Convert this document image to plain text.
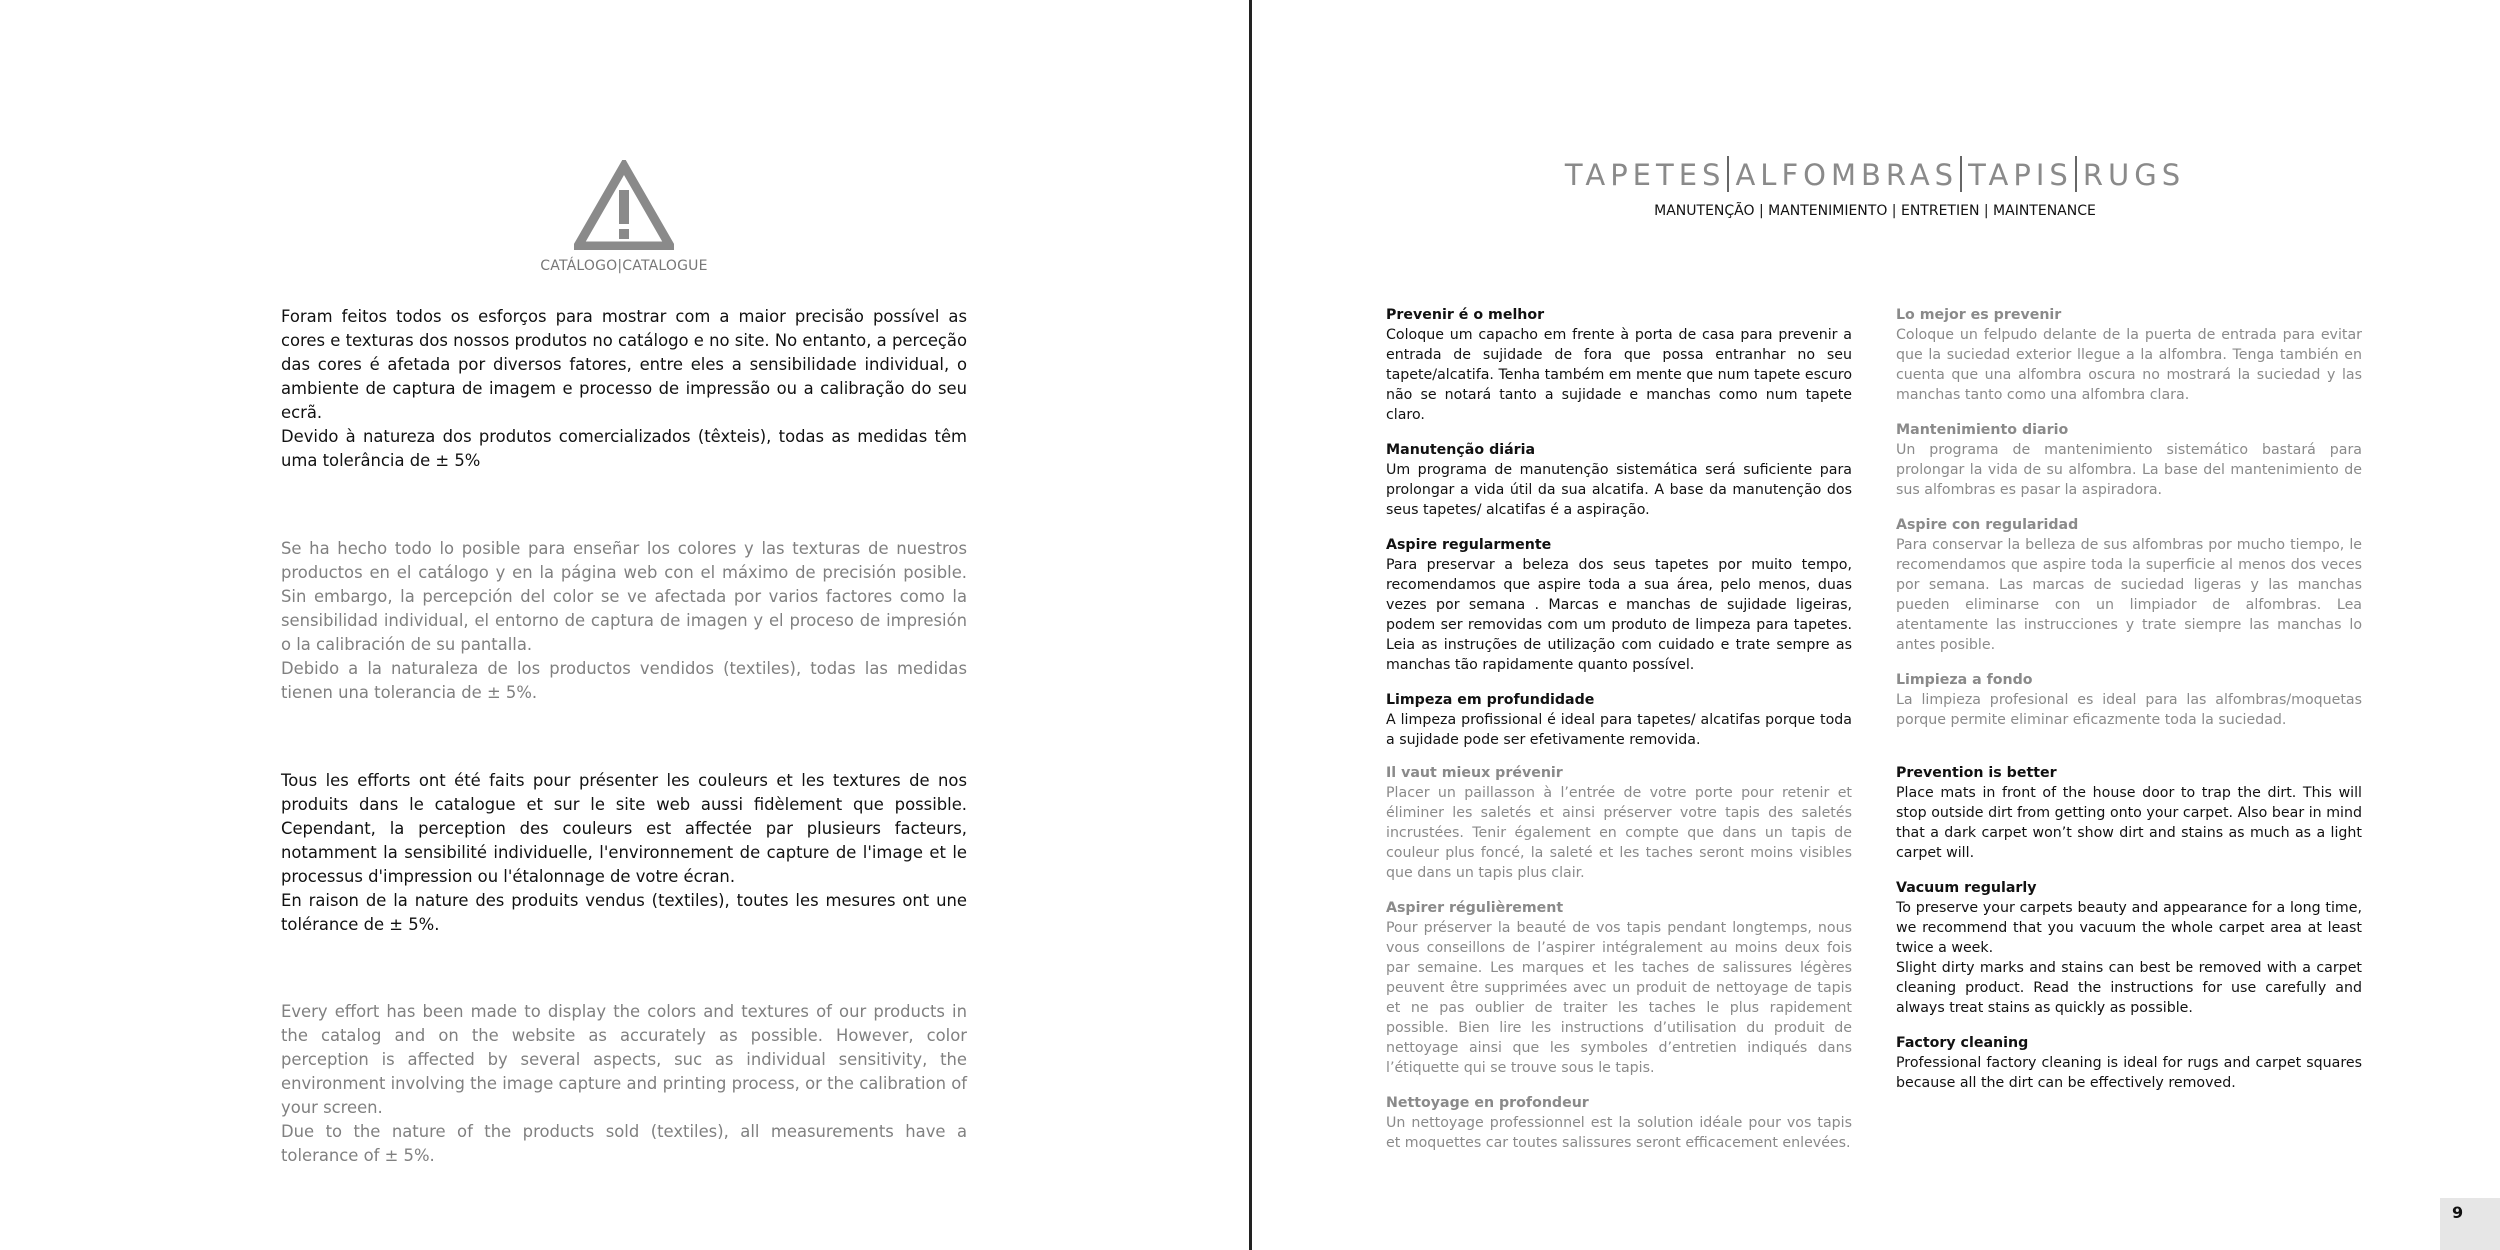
CATÁLOGO|CATALOGUE

Foram feitos todos os esforços para mostrar com a maior precisão possível as cores e texturas dos nossos produtos no catálogo e no site. No entanto, a perceção das cores é afetada por diversos fatores, entre eles a sensibilidade individual, o ambiente de captura de imagem e processo de impressão ou a calibração do seu ecrã.

Devido à natureza dos produtos comercializados (têxteis), todas as medidas têm uma tolerância de ± 5%

Se ha hecho todo lo posible para enseñar los colores y las texturas de nuestros productos en el catálogo y en la página web con el máximo de precisión posible. Sin embargo, la percepción del color se ve afectada por varios factores como la sensibilidad individual, el entorno de captura de imagen y el proceso de impresión o la calibración de su pantalla.

Debido a la naturaleza de los productos vendidos (textiles), todas las medidas tienen una tolerancia de ± 5%.

Tous les efforts ont été faits pour présenter les couleurs et les textures de nos produits dans le catalogue et sur le site web aussi fidèlement que possible. Cependant, la perception des couleurs est affectée par plusieurs facteurs, notamment la sensibilité individuelle, l'environnement de capture de l'image et le processus d'impression ou l'étalonnage de votre écran.

En raison de la nature des produits vendus (textiles), toutes les mesures ont une tolérance de ± 5%.

Every effort has been made to display the colors and textures of our products in the catalog and on the website as accurately as possible. However, color perception is affected by several aspects, suc as individual sensitivity, the environment involving the image capture and printing process, or the calibration of your screen.

Due to the nature of the products sold (textiles), all measurements have a tolerance of ± 5%.

TAPETES ALFOMBRAS TAPIS RUGS
MANUTENÇÃO | MANTENIMIENTO | ENTRETIEN | MAINTENANCE
Prevenir é o melhor

Coloque um capacho em frente à porta de casa para prevenir a entrada de sujidade de fora que possa entranhar no seu tapete/alcatifa. Tenha também em mente que num tapete escuro não se notará tanto a sujidade e manchas como num tapete claro.

Manutenção diária

Um programa de manutenção sistemática será suficiente para prolongar a vida útil da sua alcatifa. A base da manutenção dos seus tapetes/ alcatifas é a aspiração.

Aspire regularmente

Para preservar a beleza dos seus tapetes por muito tempo, recomendamos que aspire toda a sua área, pelo menos, duas vezes por semana . Marcas e manchas de sujidade ligeiras, podem ser removidas com um produto de limpeza para tapetes. Leia as instruções de utilização com cuidado e trate sempre as manchas tão rapidamente quanto possível.

Limpeza em profundidade

A limpeza profissional é ideal para tapetes/ alcatifas porque toda a sujidade pode ser efetivamente removida.

Lo mejor es prevenir

Coloque un felpudo delante de la puerta de entrada para evitar que la suciedad exterior llegue a la alfombra. Tenga también en cuenta que una alfombra oscura no mostrará la suciedad y las manchas tanto como una alfombra clara.

Mantenimiento diario

Un programa de mantenimiento sistemático bastará para prolongar la vida de su alfombra. La base del mantenimiento de sus alfombras es pasar la aspiradora.

Aspire con regularidad

Para conservar la belleza de sus alfombras por mucho tiempo, le recomendamos que aspire toda la superficie al menos dos veces por semana. Las marcas de suciedad ligeras y las manchas pueden eliminarse con un limpiador de alfombras. Lea atentamente las instrucciones y trate siempre las manchas lo antes posible.

Limpieza a fondo

La limpieza profesional es ideal para las alfombras/moquetas porque permite eliminar eficazmente toda la suciedad.

Il vaut mieux prévenir

Placer un paillasson à l’entrée de votre porte pour retenir et éliminer les saletés et ainsi préserver votre tapis des saletés incrustées. Tenir également en compte que dans un tapis de couleur plus foncé, la saleté et les taches seront moins visibles que dans un tapis plus clair.

Aspirer régulièrement

Pour préserver la beauté de vos tapis pendant longtemps, nous vous conseillons de l’aspirer intégralement au moins deux fois par semaine. Les marques et les taches de salissures légères peuvent être supprimées avec un produit de nettoyage de tapis et ne pas oublier de traiter les taches le plus rapidement possible. Bien lire les instructions d’utilisation du produit de nettoyage ainsi que les symboles d’entretien indiqués dans l’étiquette qui se trouve sous le tapis.

Nettoyage en profondeur

Un nettoyage professionnel est la solution idéale pour vos tapis et moquettes car toutes salissures seront efficacement enlevées.

Prevention is better

Place mats in front of the house door to trap the dirt. This will stop outside dirt from getting onto your carpet. Also bear in mind that a dark carpet won’t show dirt and stains as much as a light carpet will.

Vacuum regularly

To preserve your carpets beauty and appearance for a long time, we recommend that you vacuum the whole carpet area at least twice a week.

Slight dirty marks and stains can best be removed with a carpet cleaning product. Read the instructions for use carefully and always treat stains as quickly as possible.

Factory cleaning

Professional factory cleaning is ideal for rugs and carpet squares because all the dirt can be effectively removed.

9
